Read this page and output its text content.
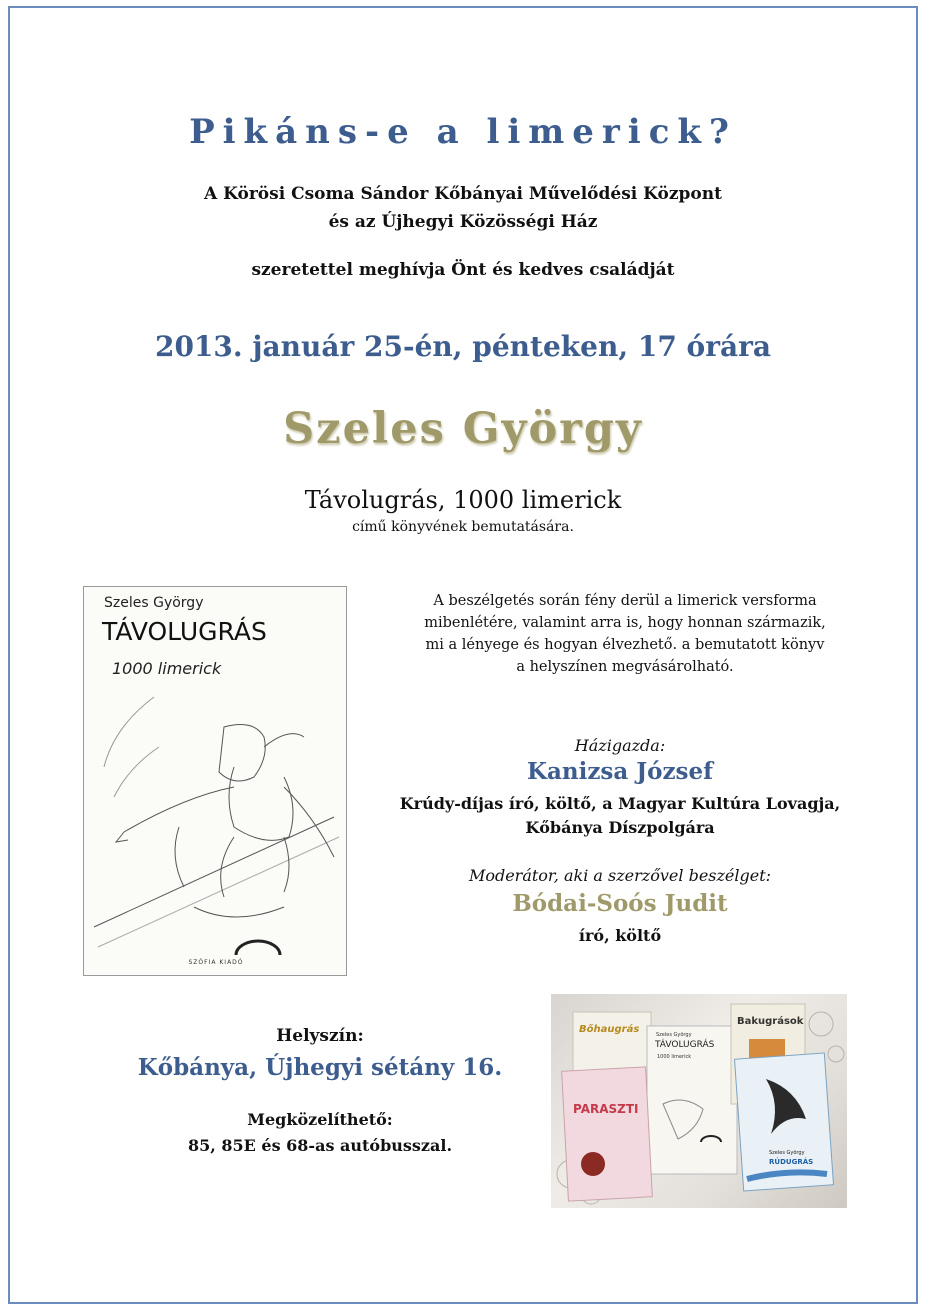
Pikáns-e a limerick?
A Körösi Csoma Sándor Kőbányai Művelődési Központ
és az Újhegyi Közösségi Ház
szeretettel meghívja Önt és kedves családját
2013. január 25-én, pénteken, 17 órára
Szeles György
Távolugrás, 1000 limerick
című könyvének bemutatására.
Szeles György
TÁVOLUGRÁS
1000 limerick
SZÓFIA KIADÓ
A beszélgetés során fény derül a limerick versforma
mibenlétére, valamint arra is, hogy honnan származik,
mi a lényege és hogyan élvezhető. a bemutatott könyv
a helyszínen megvásárolható.
Házigazda:
Kanizsa József
Krúdy-díjas író, költő, a Magyar Kultúra Lovagja,
Kőbánya Díszpolgára
Moderátor, aki a szerzővel beszélget:
Bódai-Soós Judit
író, költő
Helyszín:
Kőbánya, Újhegyi sétány 16.
Megközelíthető:
85, 85E és 68-as autóbusszal.
Bőhaugrás	Szeles György
TÁVOLUGRÁS
1000 limerick
Bakugrások
PARASZTI
Szeles György
RÚDUGRÁS
